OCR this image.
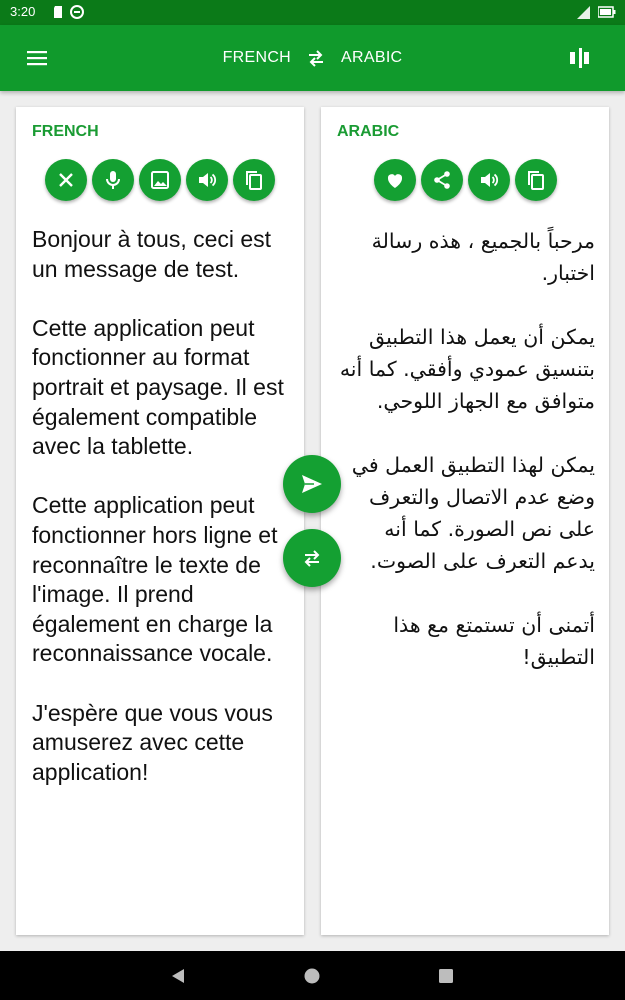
3:20
FRENCH	ARABIC
FRENCH
Bonjour à tous, ceci est un message de test.

Cette application peut fonctionner au format portrait et paysage. Il est également compatible avec la tablette.

Cette application peut fonctionner hors ligne et reconnaître le texte de l'image. Il prend également en charge la reconnaissance vocale.

J'espère que vous vous amuserez avec cette application!
ARABIC
مرحباً بالجميع ، هذه رسالة اختبار.

يمكن أن يعمل هذا التطبيق بتنسيق عمودي وأفقي. كما أنه متوافق مع الجهاز اللوحي.

يمكن لهذا التطبيق العمل في وضع عدم الاتصال والتعرف على نص الصورة. كما أنه يدعم التعرف على الصوت.

أتمنى أن تستمتع مع هذا التطبيق!
